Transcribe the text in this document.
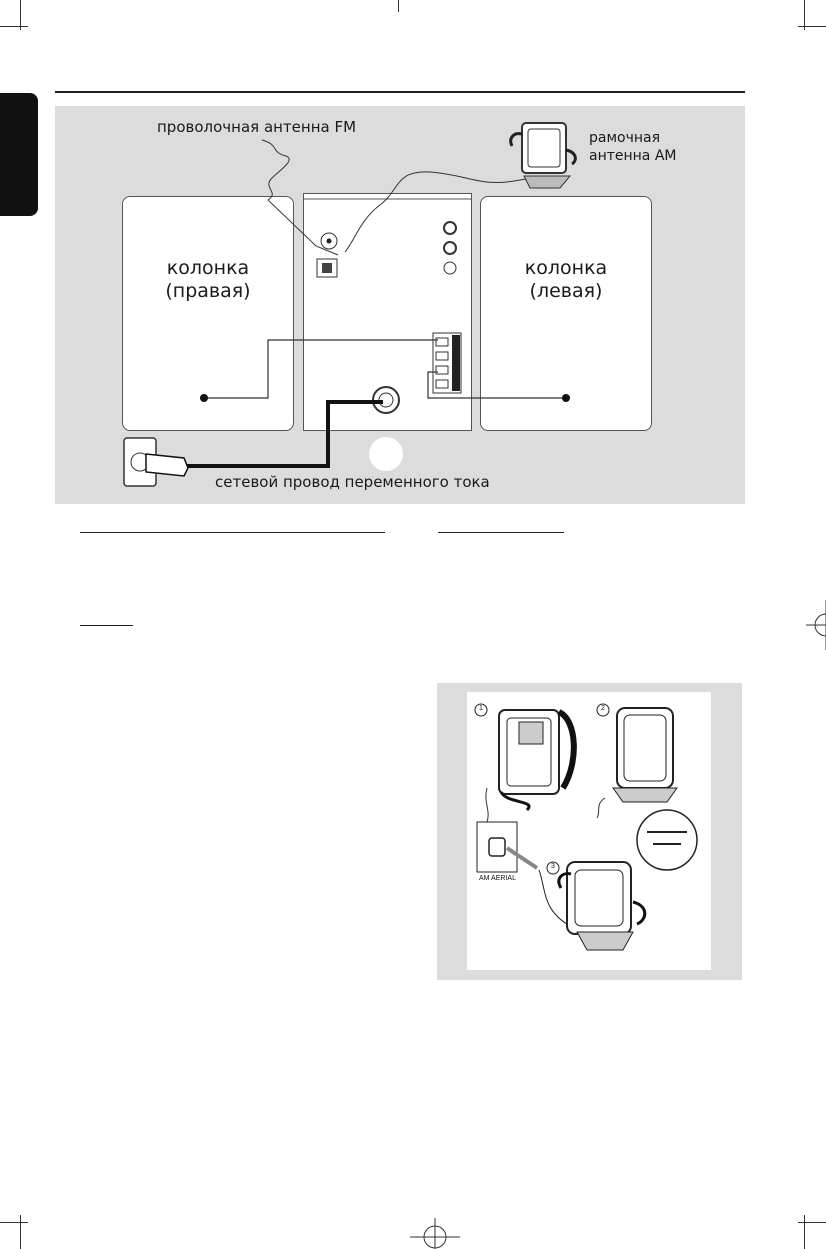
проволочная антенна FM
рамочная
антенна AM
колонка
(правая)
колонка
(левая)
сетевой провод переменного тока
1	2
3
AM AERIAL
